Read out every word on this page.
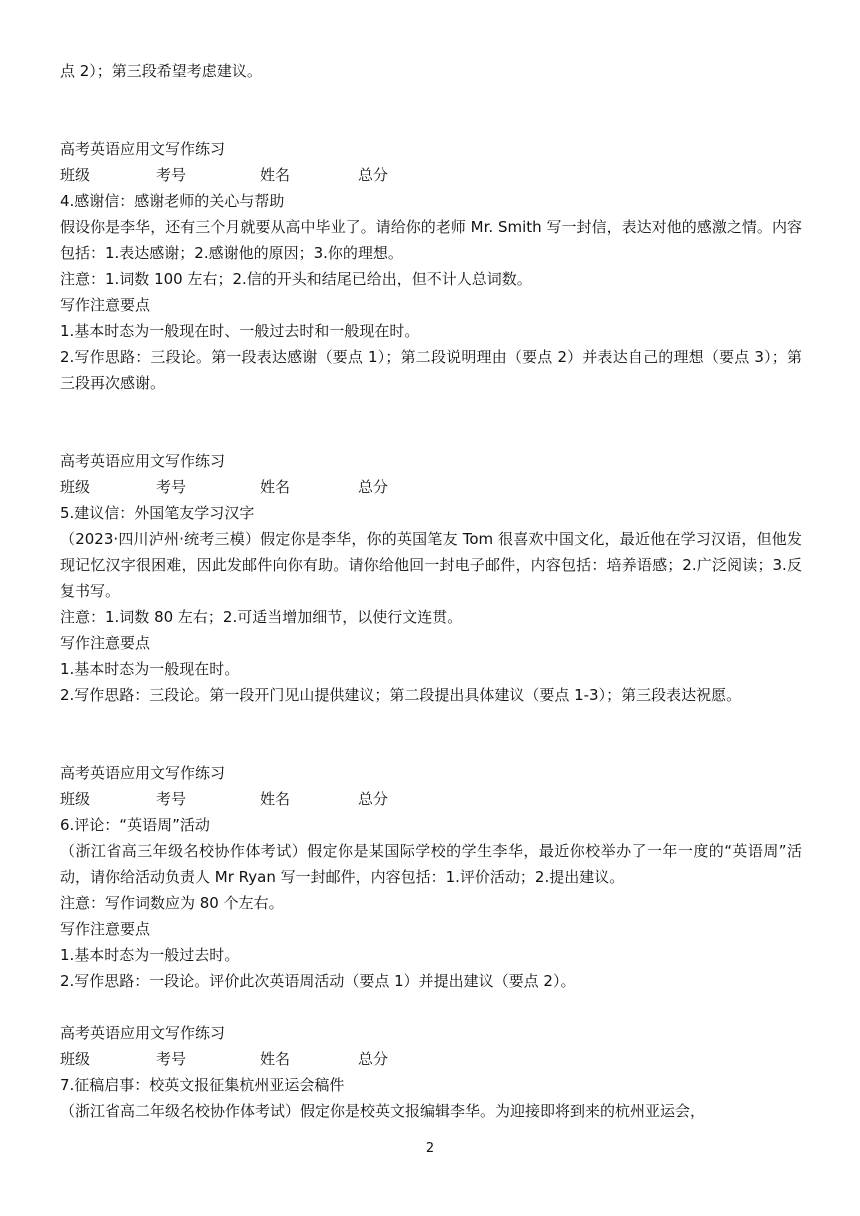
点 2）；第三段希望考虑建议。

高考英语应用文写作练习

班级	考号	姓名	总分

4.感谢信：感谢老师的关心与帮助

假设你是李华，还有三个月就要从高中毕业了。请给你的老师 Mr. Smith 写一封信，表达对他的感激之情。内容包括：1.表达感谢；2.感谢他的原因；3.你的理想。

注意：1.词数 100 左右；2.信的开头和结尾已给出，但不计人总词数。

写作注意要点

1.基本时态为一般现在时、一般过去时和一般现在时。

2.写作思路：三段论。第一段表达感谢（要点 1）；第二段说明理由（要点 2）并表达自己的理想（要点 3）；第三段再次感谢。

高考英语应用文写作练习

班级	考号	姓名	总分

5.建议信：外国笔友学习汉字

（2023·四川泸州·统考三模）假定你是李华，你的英国笔友 Tom 很喜欢中国文化，最近他在学习汉语，但他发现记忆汉字很困难，因此发邮件向你有助。请你给他回一封电子邮件，内容包括：培养语感；2.广泛阅读；3.反复书写。

注意：1.词数 80 左右；2.可适当增加细节，以使行文连贯。

写作注意要点

1.基本时态为一般现在时。

2.写作思路：三段论。第一段开门见山提供建议；第二段提出具体建议（要点 1-3）；第三段表达祝愿。

高考英语应用文写作练习

班级	考号	姓名	总分

6.评论：“英语周”活动

（浙江省高三年级名校协作体考试）假定你是某国际学校的学生李华，最近你校举办了一年一度的“英语周”活动，请你给活动负责人 Mr Ryan 写一封邮件，内容包括：1.评价活动；2.提出建议。

注意：写作词数应为 80 个左右。

写作注意要点

1.基本时态为一般过去时。

2.写作思路：一段论。评价此次英语周活动（要点 1）并提出建议（要点 2）。

高考英语应用文写作练习

班级	考号	姓名	总分

7.征稿启事：校英文报征集杭州亚运会稿件

（浙江省高二年级名校协作体考试）假定你是校英文报编辑李华。为迎接即将到来的杭州亚运会，

2
